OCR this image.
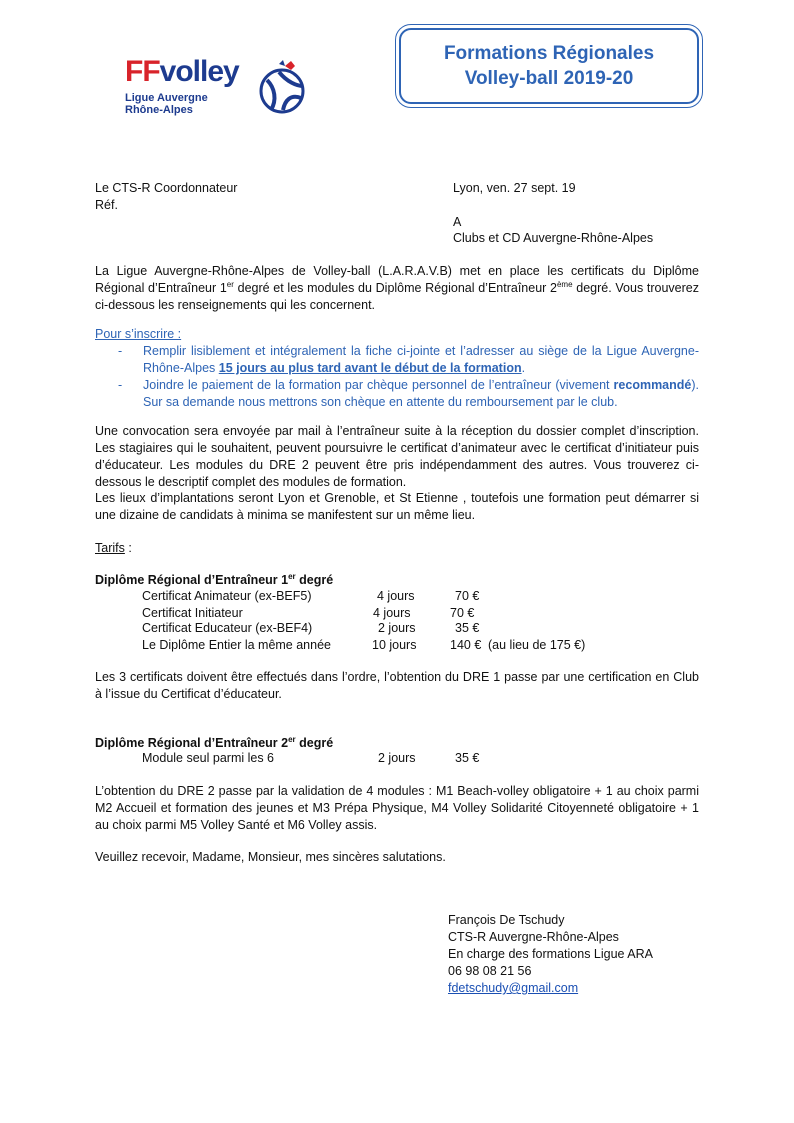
FFvolley
Ligue Auvergne
Rhône-Alpes
Formations Régionales
Volley-ball 2019-20
Le CTS-R Coordonnateur
Réf.
Lyon, ven. 27 sept. 19
A
Clubs et CD Auvergne-Rhône-Alpes
La Ligue Auvergne-Rhône-Alpes de Volley-ball (L.A.R.A.V.B) met en place les certificats du Diplôme Régional d’Entraîneur 1er degré et les modules du Diplôme Régional d’Entraîneur 2ème degré. Vous trouverez ci-dessous les renseignements qui les concernent.
Pour s’inscrire :
- Remplir lisiblement et intégralement la fiche ci-jointe et l’adresser au siège de la Ligue Auvergne-Rhône-Alpes 15 jours au plus tard avant le début de la formation.
- Joindre le paiement de la formation par chèque personnel de l’entraîneur (vivement recommandé). Sur sa demande nous mettrons son chèque en attente du remboursement par le club.
Une convocation sera envoyée par mail à l’entraîneur suite à la réception du dossier complet d’inscription. Les stagiaires qui le souhaitent, peuvent poursuivre le certificat d’animateur avec le certificat d’initiateur puis d’éducateur. Les modules du DRE 2 peuvent être pris indépendamment des autres. Vous trouverez ci-dessous le descriptif complet des modules de formation.
Les lieux d’implantations seront Lyon et Grenoble, et St Etienne , toutefois une formation peut démarrer si une dizaine de candidats à minima se manifestent sur un même lieu.
Tarifs :
Diplôme Régional d’Entraîneur 1er degré
Certificat Animateur (ex-BEF5)	4 jours	70 €
Certificat Initiateur	4 jours	70 €
Certificat Educateur (ex-BEF4)	2 jours	35 €
Le Diplôme Entier la même année	10 jours	140 € (au lieu de 175 €)
Les 3 certificats doivent être effectués dans l’ordre, l’obtention du DRE 1 passe par une certification en Club à l’issue du Certificat d’éducateur.
Diplôme Régional d’Entraîneur 2er degré
Module seul parmi les 6	2 jours	35 €
L’obtention du DRE 2 passe par la validation de 4 modules : M1 Beach-volley obligatoire + 1 au choix parmi M2 Accueil et formation des jeunes et M3 Prépa Physique, M4 Volley Solidarité Citoyenneté obligatoire + 1 au choix parmi M5 Volley Santé et M6 Volley assis.
Veuillez recevoir, Madame, Monsieur, mes sincères salutations.
François De Tschudy
CTS-R Auvergne-Rhône-Alpes
En charge des formations Ligue ARA
06 98 08 21 56
fdetschudy@gmail.com
